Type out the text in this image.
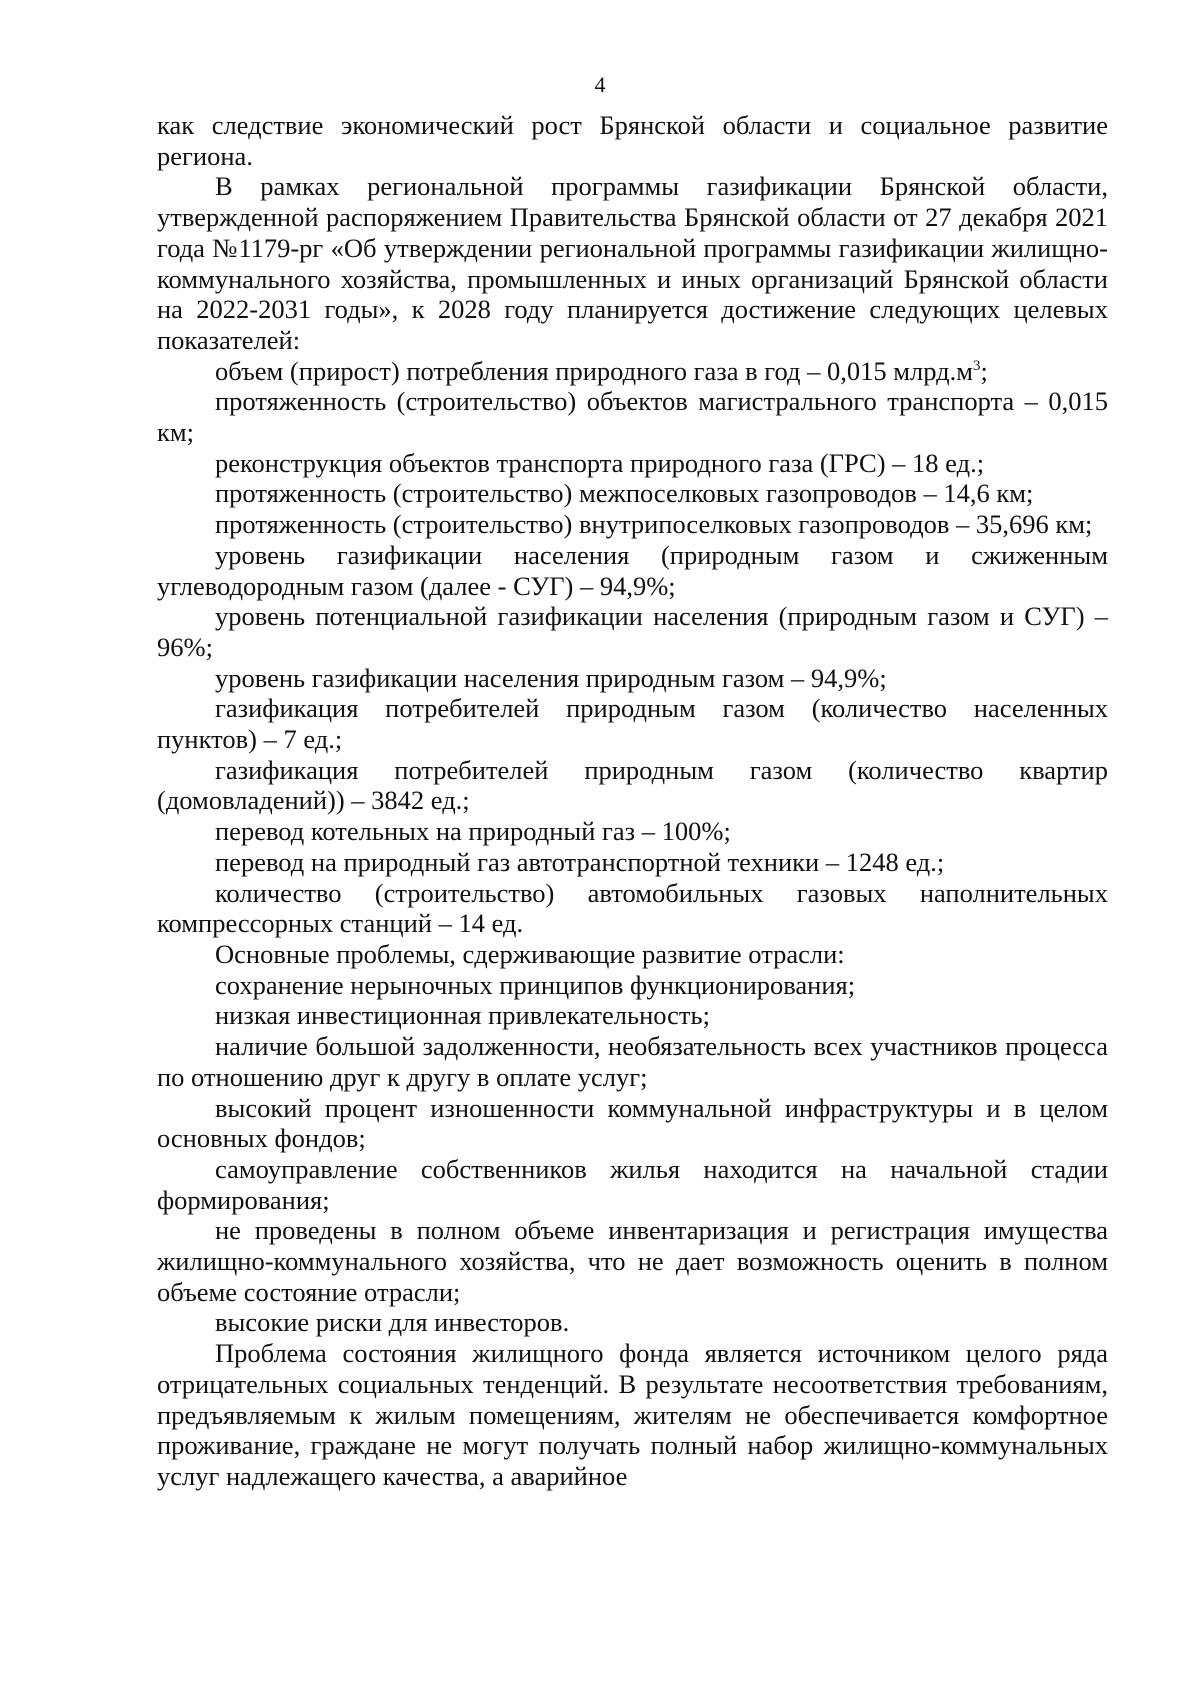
4

как следствие экономический рост Брянской области и социальное развитие региона.

В рамках региональной программы газификации Брянской области, утвержденной распоряжением Правительства Брянской области от 27 декабря 2021 года №1179-рг «Об утверждении региональной программы газификации жилищно-коммунального хозяйства, промышленных и иных организаций Брянской области на 2022-2031 годы», к 2028 году планируется достижение следующих целевых показателей:

объем (прирост) потребления природного газа в год – 0,015 $млрд.м^3$;

протяженность (строительство) объектов магистрального транспорта – 0,015 км;

реконструкция объектов транспорта природного газа (ГРС) – 18 ед.;

протяженность (строительство) межпоселковых газопроводов – 14,6 км;

протяженность (строительство) внутрипоселковых газопроводов – 35,696 км;

уровень газификации населения (природным газом и сжиженным углеводородным газом (далее - СУГ) – 94,9%;

уровень потенциальной газификации населения (природным газом и СУГ) – 96%;

уровень газификации населения природным газом – 94,9%;

газификация потребителей природным газом (количество населенных пунктов) – 7 ед.;

газификация потребителей природным газом (количество квартир (домовладений)) – 3842 ед.;

перевод котельных на природный газ – 100%;

перевод на природный газ автотранспортной техники – 1248 ед.;

количество (строительство) автомобильных газовых наполнительных компрессорных станций – 14 ед.

Основные проблемы, сдерживающие развитие отрасли:

сохранение нерыночных принципов функционирования;

низкая инвестиционная привлекательность;

наличие большой задолженности, необязательность всех участников процесса по отношению друг к другу в оплате услуг;

высокий процент изношенности коммунальной инфраструктуры и в целом основных фондов;

самоуправление собственников жилья находится на начальной стадии формирования;

не проведены в полном объеме инвентаризация и регистрация имущества жилищно-коммунального хозяйства, что не дает возможность оценить в полном объеме состояние отрасли;

высокие риски для инвесторов.

Проблема состояния жилищного фонда является источником целого ряда отрицательных социальных тенденций. В результате несоответствия требованиям, предъявляемым к жилым помещениям, жителям не обеспечивается комфортное проживание, граждане не могут получать полный набор жилищно-коммунальных услуг надлежащего качества, а аварийное
